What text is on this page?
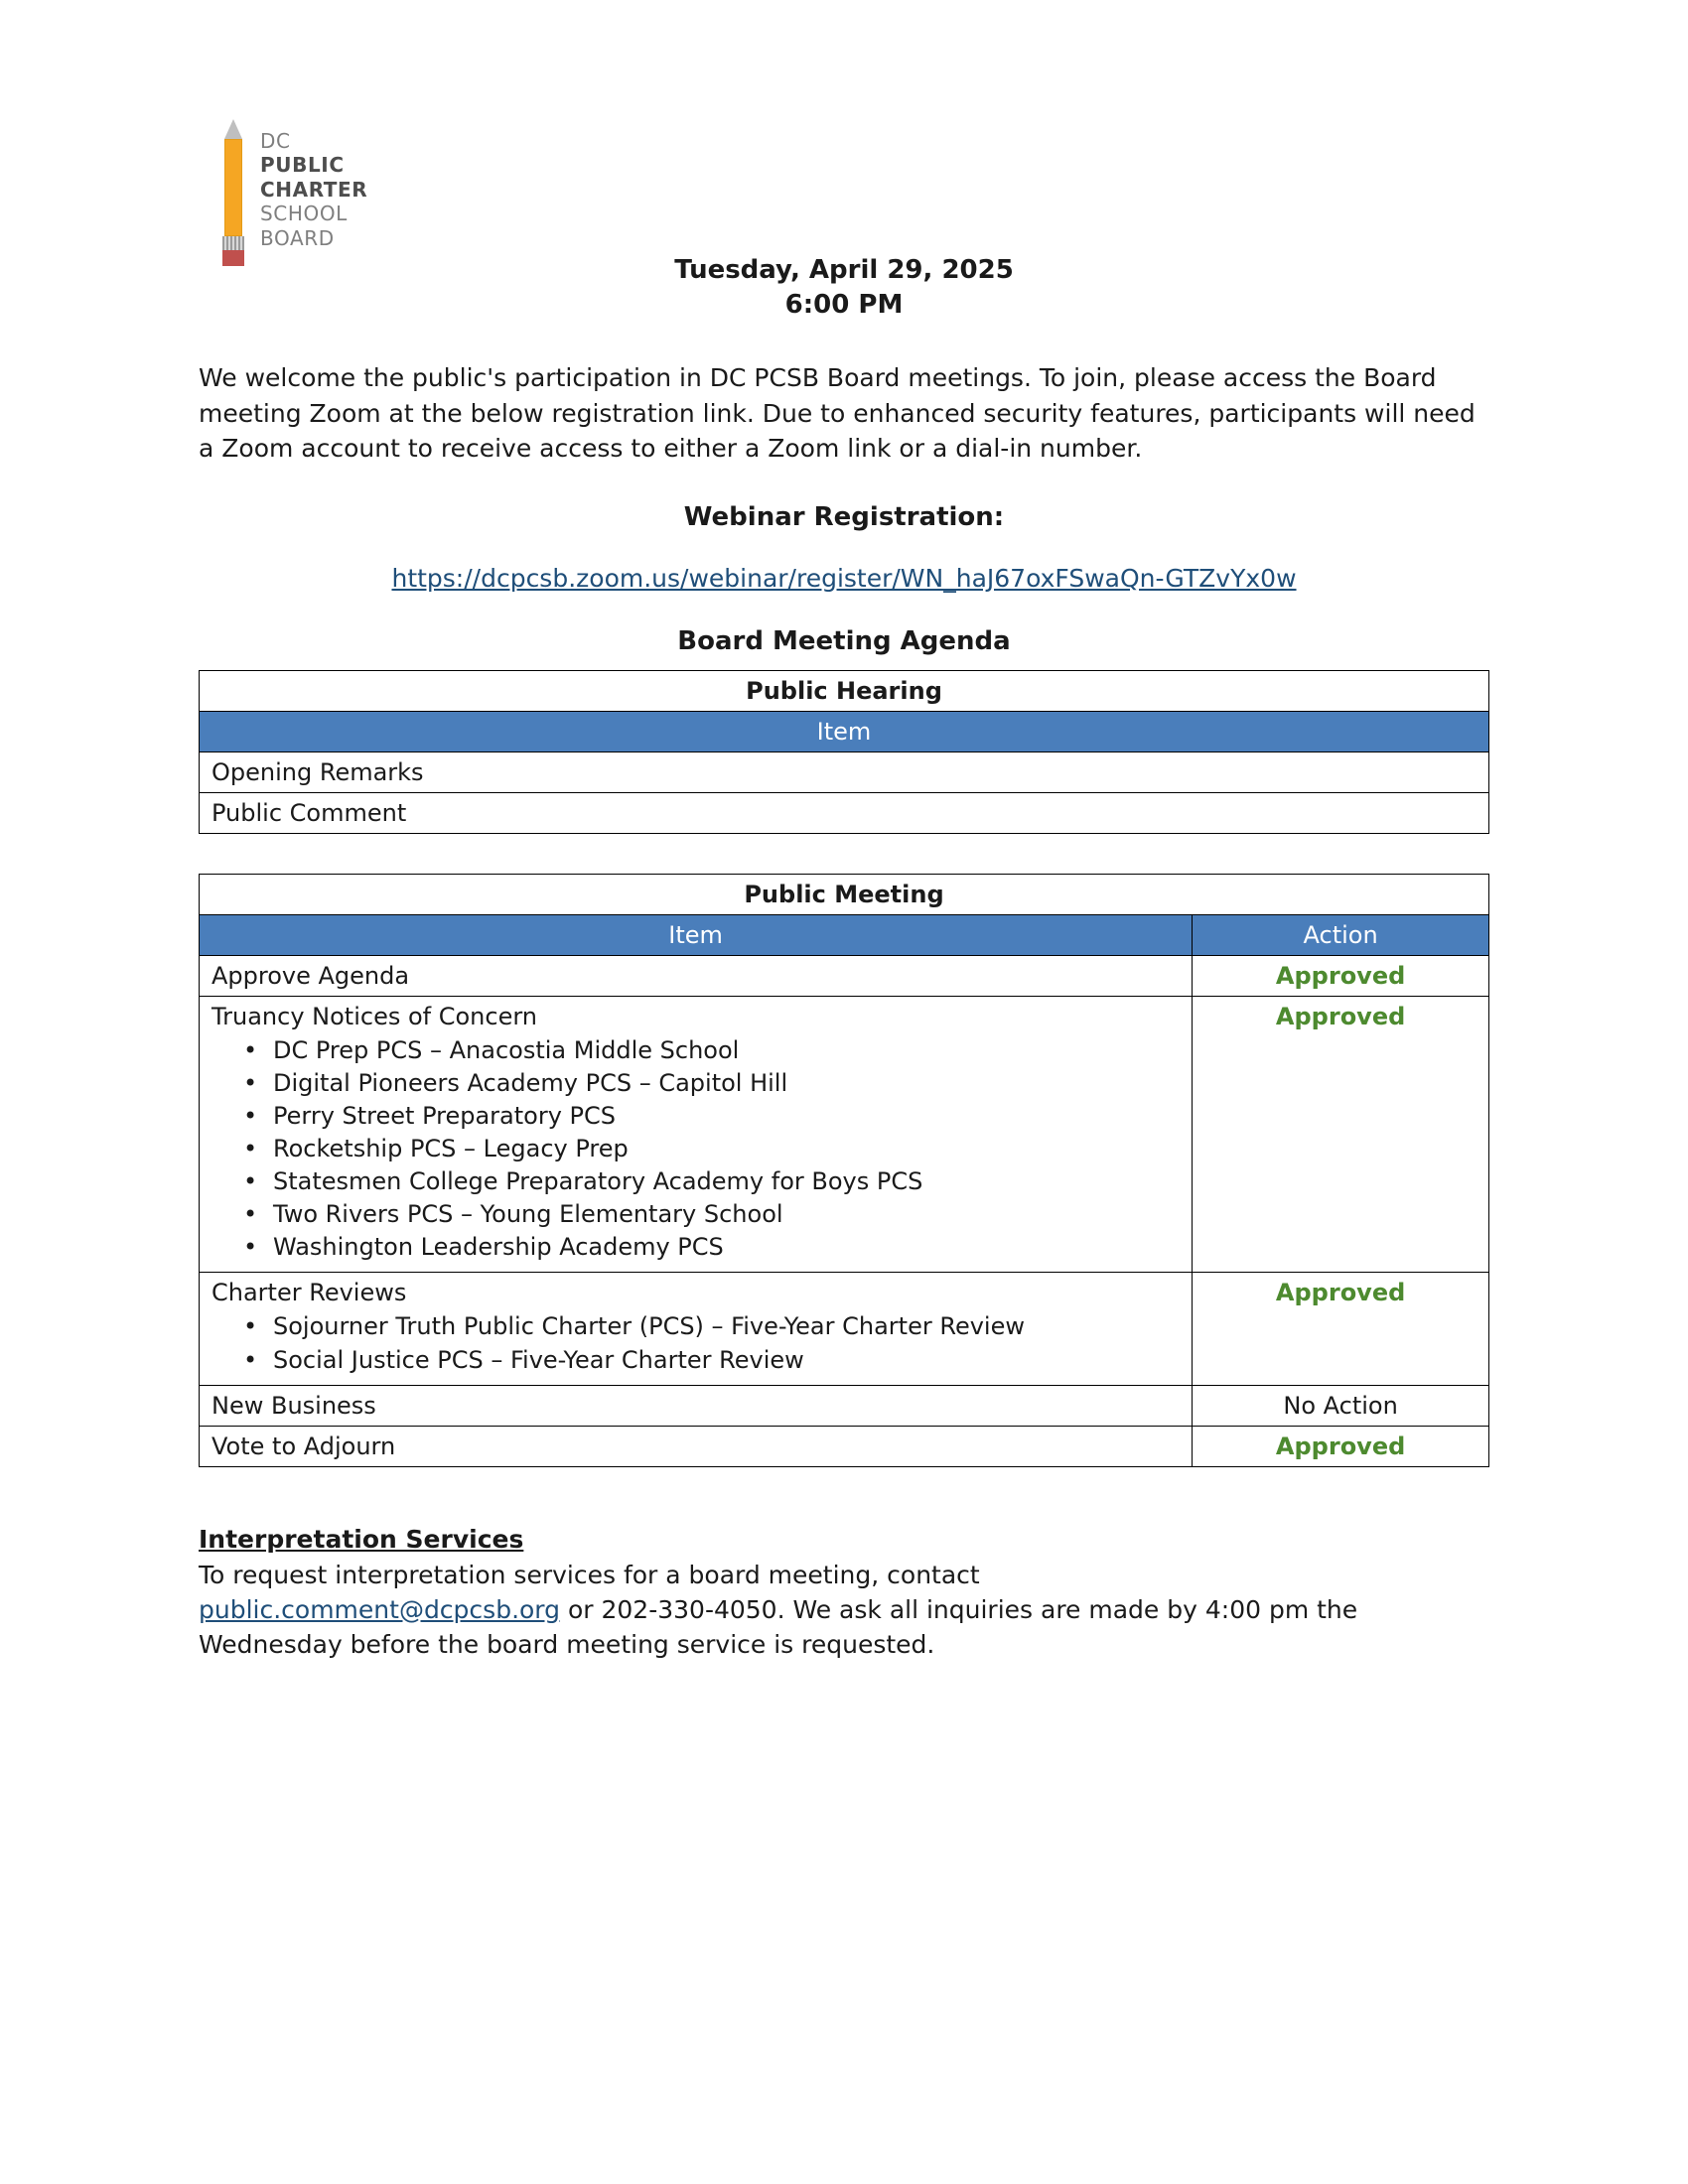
DC
PUBLIC
CHARTER
SCHOOL
BOARD
Tuesday, April 29, 2025
6:00 PM

We welcome the public's participation in DC PCSB Board meetings. To join, please access the Board meeting Zoom at the below registration link. Due to enhanced security features, participants will need a Zoom account to receive access to either a Zoom link or a dial-in number.

Webinar Registration:
https://dcpcsb.zoom.us/webinar/register/WN_haJ67oxFSwaQn-GTZvYx0w
Board Meeting Agenda
Public Hearing
Item
Opening Remarks
Public Comment
Public Meeting	
Item	Action
Approve Agenda	Approved

Truancy Notices of Concern
• DC Prep PCS – Anacostia Middle School
• Digital Pioneers Academy PCS – Capitol Hill
• Perry Street Preparatory PCS
• Rocketship PCS – Legacy Prep
• Statesmen College Preparatory Academy for Boys PCS
• Two Rivers PCS – Young Elementary School
• Washington Leadership Academy PCS
	Approved

Charter Reviews
• Sojourner Truth Public Charter (PCS) – Five-Year Charter Review
• Social Justice PCS – Five-Year Charter Review
	Approved
New Business	No Action
Vote to Adjourn	Approved
Interpretation Services

To request interpretation services for a board meeting, contact
public.comment@dcpcsb.org or 202-330-4050. We ask all inquiries are made by 4:00 pm the Wednesday before the board meeting service is requested.
